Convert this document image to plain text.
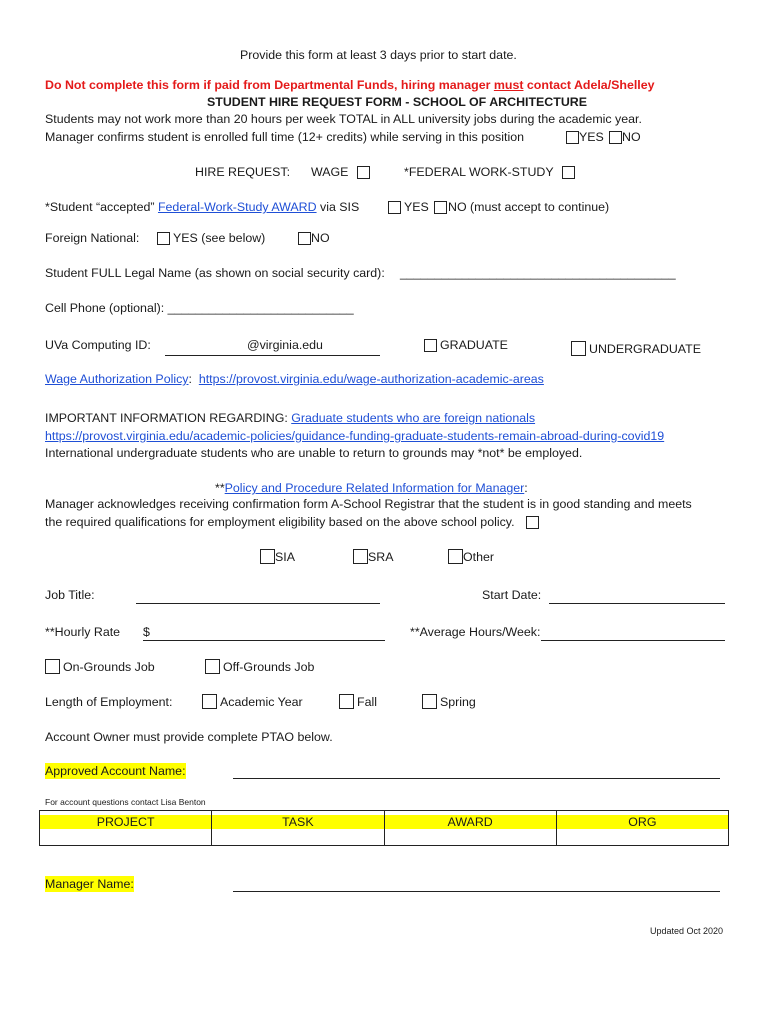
Provide this form at least 3 days prior to start date.
Do Not complete this form if paid from Departmental Funds, hiring manager must contact Adela/Shelley
STUDENT HIRE REQUEST FORM - SCHOOL OF ARCHITECTURE
Students may not work more than 20 hours per week TOTAL in ALL university jobs during the academic year.
Manager confirms student is enrolled full time (12+ credits) while serving in this position	YES	NO
HIRE REQUEST: WAGE	*FEDERAL WORK-STUDY
*Student “accepted” Federal-Work-Study AWARD via SIS	YES	NO (must accept to continue)
Foreign National:	YES (see below)	NO
Student FULL Legal Name (as shown on social security card): ________________________________________
Cell Phone (optional): ___________________________
UVa Computing ID:	@virginia.edu	GRADUATE	UNDERGRADUATE
Wage Authorization Policy: https://provost.virginia.edu/wage-authorization-academic-areas
IMPORTANT INFORMATION REGARDING: Graduate students who are foreign nationals
https://provost.virginia.edu/academic-policies/guidance-funding-graduate-students-remain-abroad-during-covid19
International undergraduate students who are unable to return to grounds may *not* be employed.
**Policy and Procedure Related Information for Manager:
Manager acknowledges receiving confirmation form A-School Registrar that the student is in good standing and meets
the required qualifications for employment eligibility based on the above school policy.
SIA	SRA	Other
Job Title:	Start Date:
**Hourly Rate $	**Average Hours/Week:
On-Grounds Job	Off-Grounds Job
Length of Employment:	Academic Year	Fall	Spring
Account Owner must provide complete PTAO below.
Approved Account Name:
For account questions contact Lisa Benton
PROJECT	TASK	AWARD	ORG
Manager Name:
Updated Oct 2020
